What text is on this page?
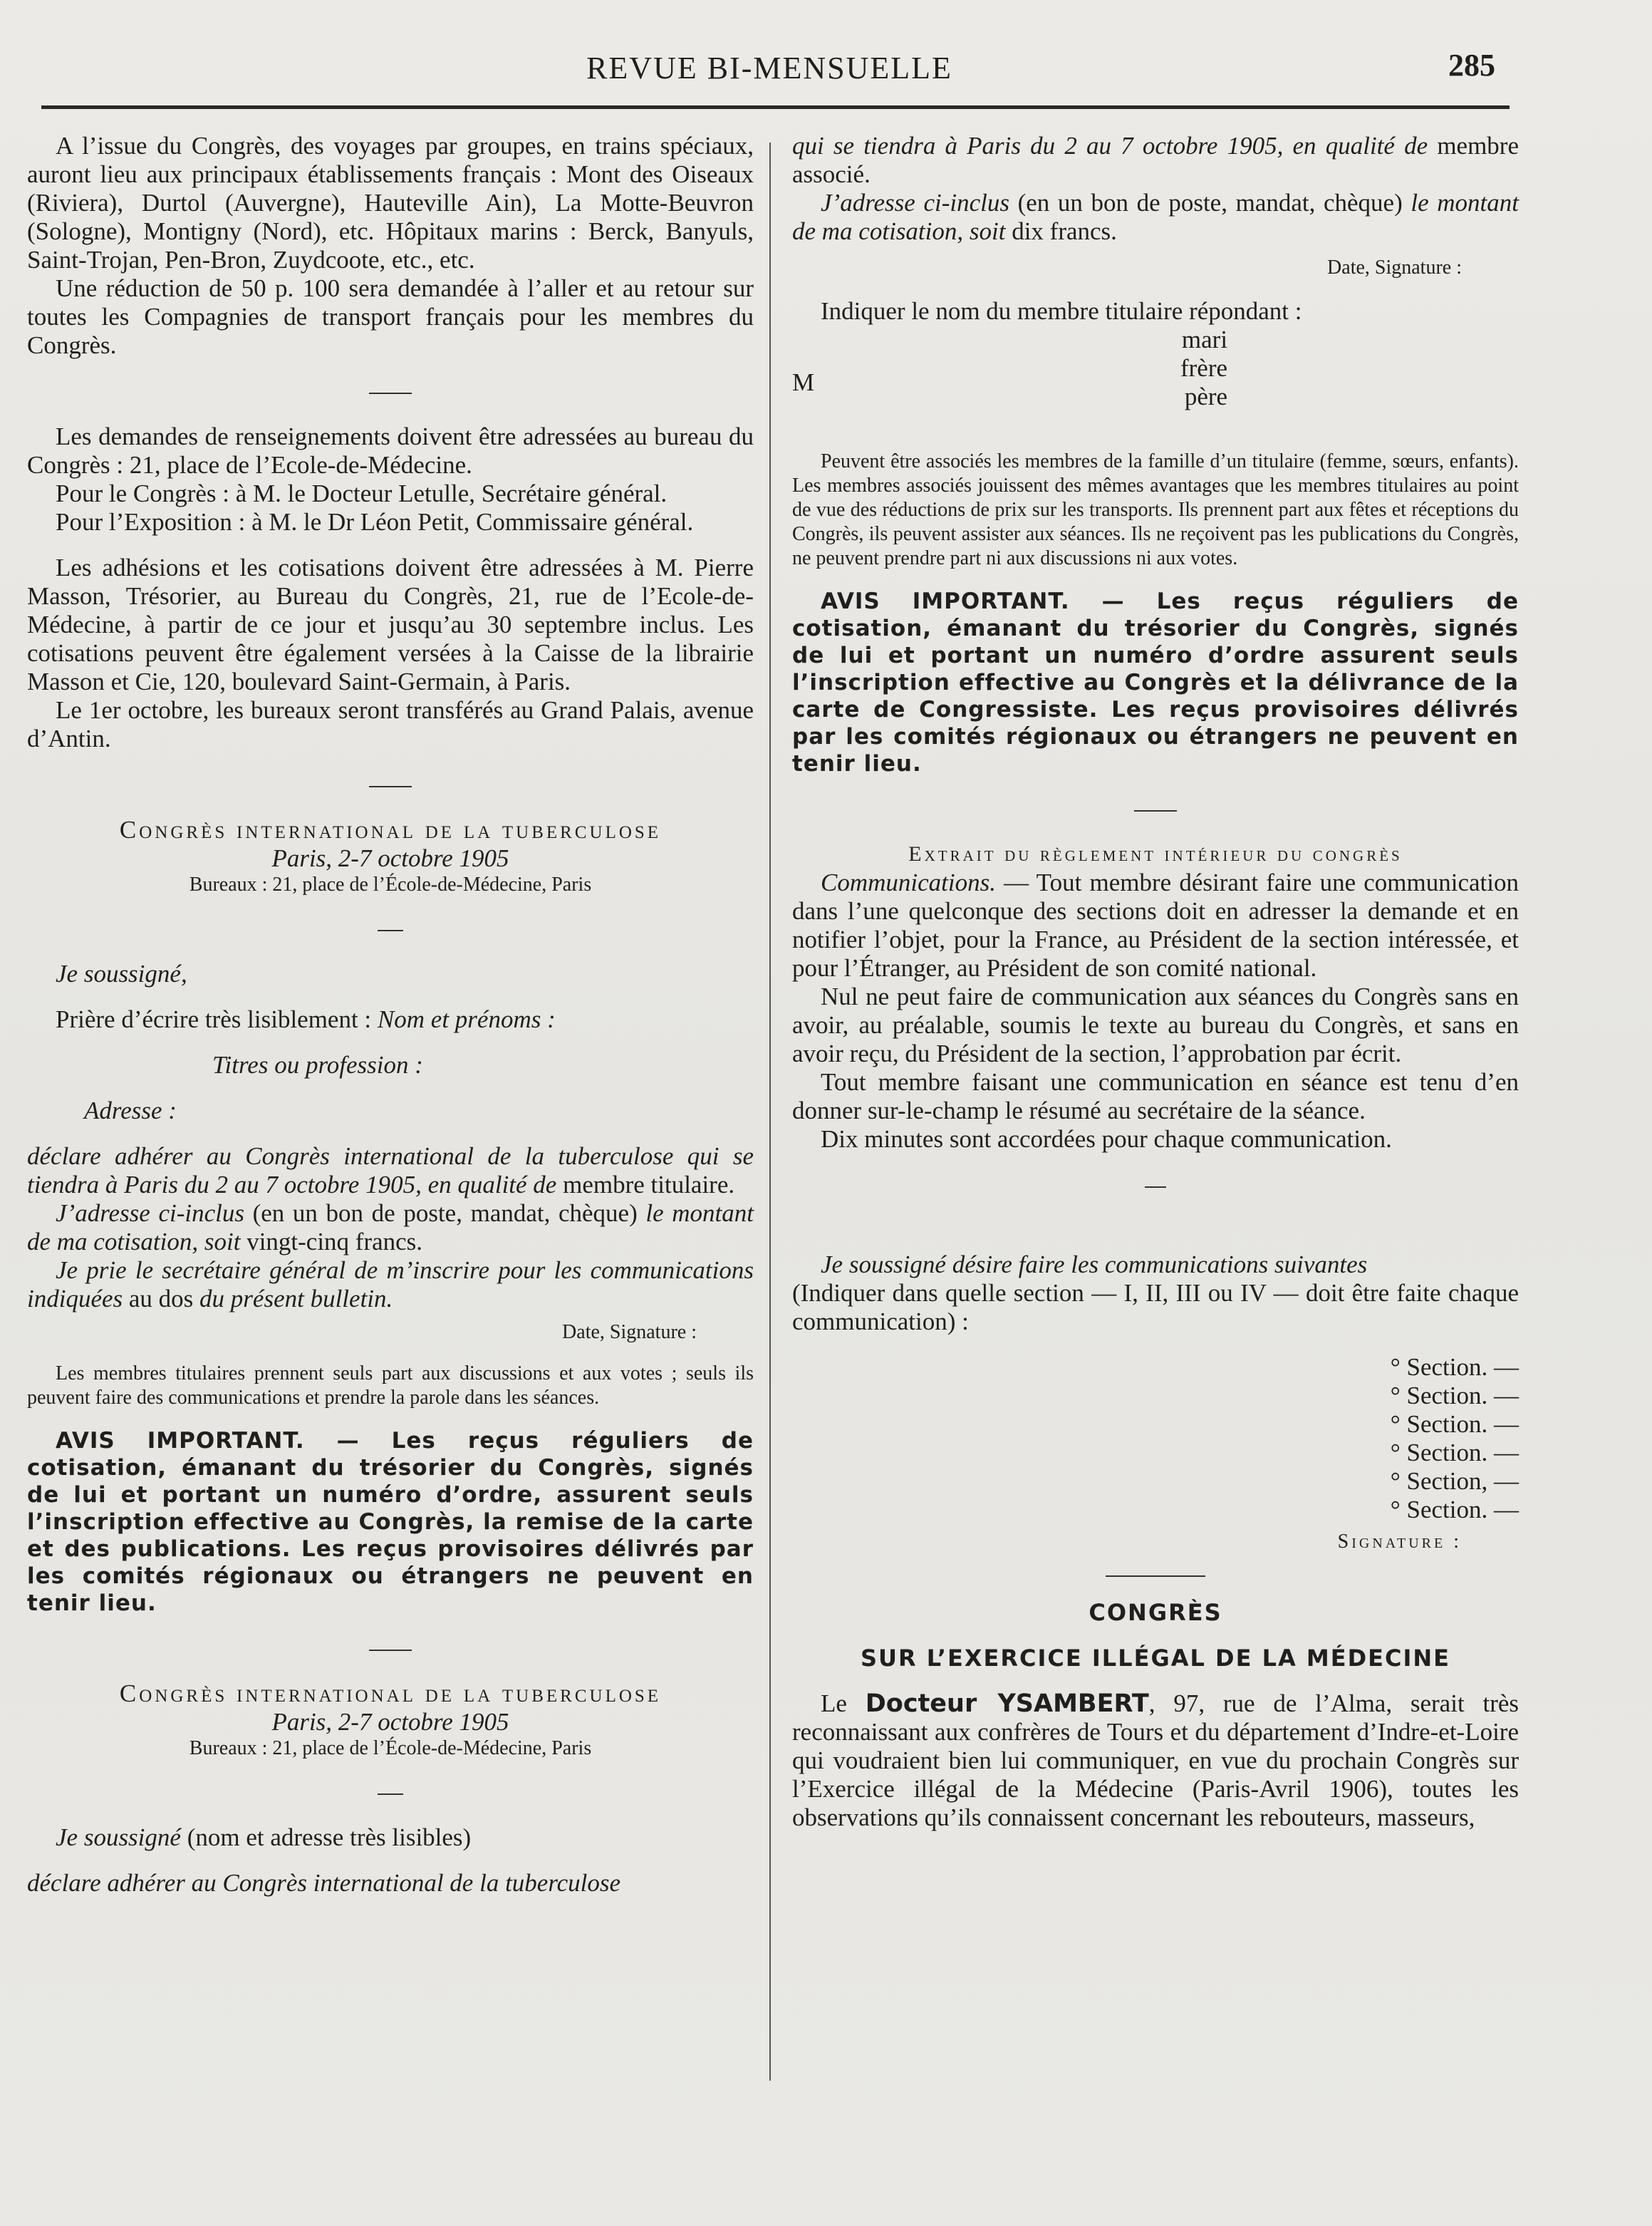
REVUE BI-MENSUELLE	285

A l’issue du Congrès, des voyages par groupes, en trains spéciaux, auront lieu aux principaux établissements français : Mont des Oiseaux (Riviera), Durtol (Auvergne), Hauteville Ain), La Motte-Beuvron (Sologne), Montigny (Nord), etc. Hôpitaux marins : Berck, Banyuls, Saint-Trojan, Pen-Bron, Zuydcoote, etc., etc.

Une réduction de 50 p. 100 sera demandée à l’aller et au retour sur toutes les Compagnies de transport français pour les membres du Congrès.

Les demandes de renseignements doivent être adressées au bureau du Congrès : 21, place de l’Ecole-de-Médecine.

Pour le Congrès : à M. le Docteur Letulle, Secrétaire général.

Pour l’Exposition : à M. le Dr Léon Petit, Commissaire général.

Les adhésions et les cotisations doivent être adressées à M. Pierre Masson, Trésorier, au Bureau du Congrès, 21, rue de l’Ecole-de-Médecine, à partir de ce jour et jusqu’au 30 septembre inclus. Les cotisations peuvent être également versées à la Caisse de la librairie Masson et Cie, 120, boulevard Saint-Germain, à Paris.

Le 1er octobre, les bureaux seront transférés au Grand Palais, avenue d’Antin.

Congrès international de la tuberculose

Paris, 2-7 octobre 1905

Bureaux : 21, place de l’École-de-Médecine, Paris

Je soussigné,

Prière d’écrire très lisiblement : Nom et prénoms :

Titres ou profession :

Adresse :

déclare adhérer au Congrès international de la tuberculose qui se tiendra à Paris du 2 au 7 octobre 1905, en qualité de membre titulaire.

J’adresse ci-inclus (en un bon de poste, mandat, chèque) le montant de ma cotisation, soit vingt-cinq francs.

Je prie le secrétaire général de m’inscrire pour les communications indiquées au dos du présent bulletin.

Date, Signature :

Les membres titulaires prennent seuls part aux discussions et aux votes ; seuls ils peuvent faire des communications et prendre la parole dans les séances.

AVIS IMPORTANT. — Les reçus réguliers de cotisation, émanant du trésorier du Congrès, signés de lui et portant un numéro d’ordre, assurent seuls l’inscription effective au Congrès, la remise de la carte et des publications. Les reçus provisoires délivrés par les comités régionaux ou étrangers ne peuvent en tenir lieu.

Congrès international de la tuberculose

Paris, 2-7 octobre 1905

Bureaux : 21, place de l’École-de-Médecine, Paris

Je soussigné (nom et adresse très lisibles)

déclare adhérer au Congrès international de la tuberculose

qui se tiendra à Paris du 2 au 7 octobre 1905, en qualité de membre associé.

J’adresse ci-inclus (en un bon de poste, mandat, chèque) le montant de ma cotisation, soit dix francs.

Date, Signature :

Indiquer le nom du membre titulaire répondant :

M
mari
frère
père

Peuvent être associés les membres de la famille d’un titulaire (femme, sœurs, enfants). Les membres associés jouissent des mêmes avantages que les membres titulaires au point de vue des réductions de prix sur les transports. Ils prennent part aux fêtes et réceptions du Congrès, ils peuvent assister aux séances. Ils ne reçoivent pas les publications du Congrès, ne peuvent prendre part ni aux discussions ni aux votes.

AVIS IMPORTANT. — Les reçus réguliers de cotisation, émanant du trésorier du Congrès, signés de lui et portant un numéro d’ordre assurent seuls l’inscription effective au Congrès et la délivrance de la carte de Congressiste. Les reçus provisoires délivrés par les comités régionaux ou étrangers ne peuvent en tenir lieu.

Extrait du règlement intérieur du congrès

Communications. — Tout membre désirant faire une communication dans l’une quelconque des sections doit en adresser la demande et en notifier l’objet, pour la France, au Président de la section intéressée, et pour l’Étranger, au Président de son comité national.

Nul ne peut faire de communication aux séances du Congrès sans en avoir, au préalable, soumis le texte au bureau du Congrès, et sans en avoir reçu, du Président de la section, l’approbation par écrit.

Tout membre faisant une communication en séance est tenu d’en donner sur-le-champ le résumé au secrétaire de la séance.

Dix minutes sont accordées pour chaque communication.

Je soussigné désire faire les communications suivantes

(Indiquer dans quelle section — I, II, III ou IV — doit être faite chaque communication) :

° Section. —
° Section. —
° Section. —
° Section. —
° Section, —
° Section. —

Signature :

CONGRÈS

SUR L’EXERCICE ILLÉGAL DE LA MÉDECINE

Le Docteur YSAMBERT, 97, rue de l’Alma, serait très reconnaissant aux confrères de Tours et du département d’Indre-et-Loire qui voudraient bien lui communiquer, en vue du prochain Congrès sur l’Exercice illégal de la Médecine (Paris-Avril 1906), toutes les observations qu’ils connaissent concernant les rebouteurs, masseurs,
